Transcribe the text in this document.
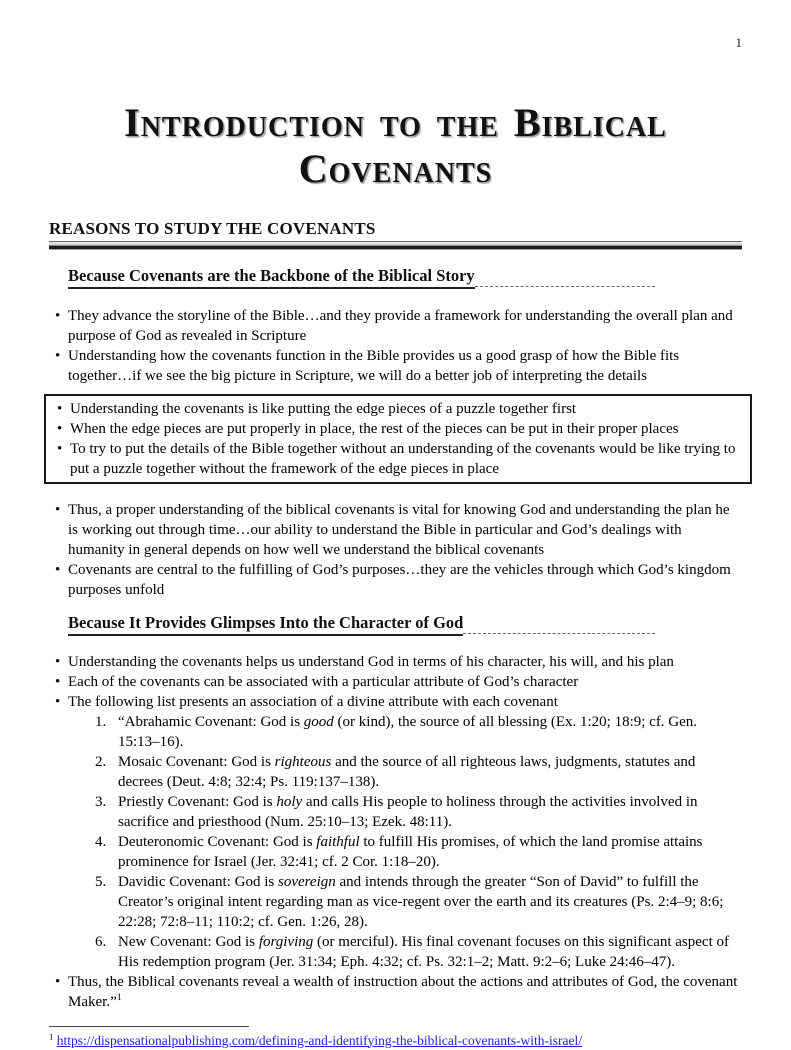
1
Introduction to the Biblical
Covenants
REASONS TO STUDY THE COVENANTS
Because Covenants are the Backbone of the Biblical Story
• They advance the storyline of the Bible…and they provide a framework for understanding the overall plan and purpose of God as revealed in Scripture
• Understanding how the covenants function in the Bible provides us a good grasp of how the Bible fits together…if we see the big picture in Scripture, we will do a better job of interpreting the details
• Understanding the covenants is like putting the edge pieces of a puzzle together first
• When the edge pieces are put properly in place, the rest of the pieces can be put in their proper places
• To try to put the details of the Bible together without an understanding of the covenants would be like trying to put a puzzle together without the framework of the edge pieces in place
• Thus, a proper understanding of the biblical covenants is vital for knowing God and understanding the plan he is working out through time…our ability to understand the Bible in particular and God’s dealings with humanity in general depends on how well we understand the biblical covenants
• Covenants are central to the fulfilling of God’s purposes…they are the vehicles through which God’s kingdom purposes unfold
Because It Provides Glimpses Into the Character of God
• Understanding the covenants helps us understand God in terms of his character, his will, and his plan
• Each of the covenants can be associated with a particular attribute of God’s character
• The following list presents an association of a divine attribute with each covenant
1. “Abrahamic Covenant: God is good (or kind), the source of all blessing (Ex. 1:20; 18:9; cf. Gen. 15:13–16).
2. Mosaic Covenant: God is righteous and the source of all righteous laws, judgments, statutes and decrees (Deut. 4:8; 32:4; Ps. 119:137–138).
3. Priestly Covenant: God is holy and calls His people to holiness through the activities involved in sacrifice and priesthood (Num. 25:10–13; Ezek. 48:11).
4. Deuteronomic Covenant: God is faithful to fulfill His promises, of which the land promise attains prominence for Israel (Jer. 32:41; cf. 2 Cor. 1:18–20).
5. Davidic Covenant: God is sovereign and intends through the greater “Son of David” to fulfill the Creator’s original intent regarding man as vice-regent over the earth and its creatures (Ps. 2:4–9; 8:6; 22:28; 72:8–11; 110:2; cf. Gen. 1:26, 28).
6. New Covenant: God is forgiving (or merciful). His final covenant focuses on this significant aspect of His redemption program (Jer. 31:34; Eph. 4:32; cf. Ps. 32:1–2; Matt. 9:2–6; Luke 24:46–47).
• Thus, the Biblical covenants reveal a wealth of instruction about the actions and attributes of God, the covenant Maker.”$^1$
$^1$ https://dispensationalpublishing.com/defining-and-identifying-the-biblical-covenants-with-israel/
